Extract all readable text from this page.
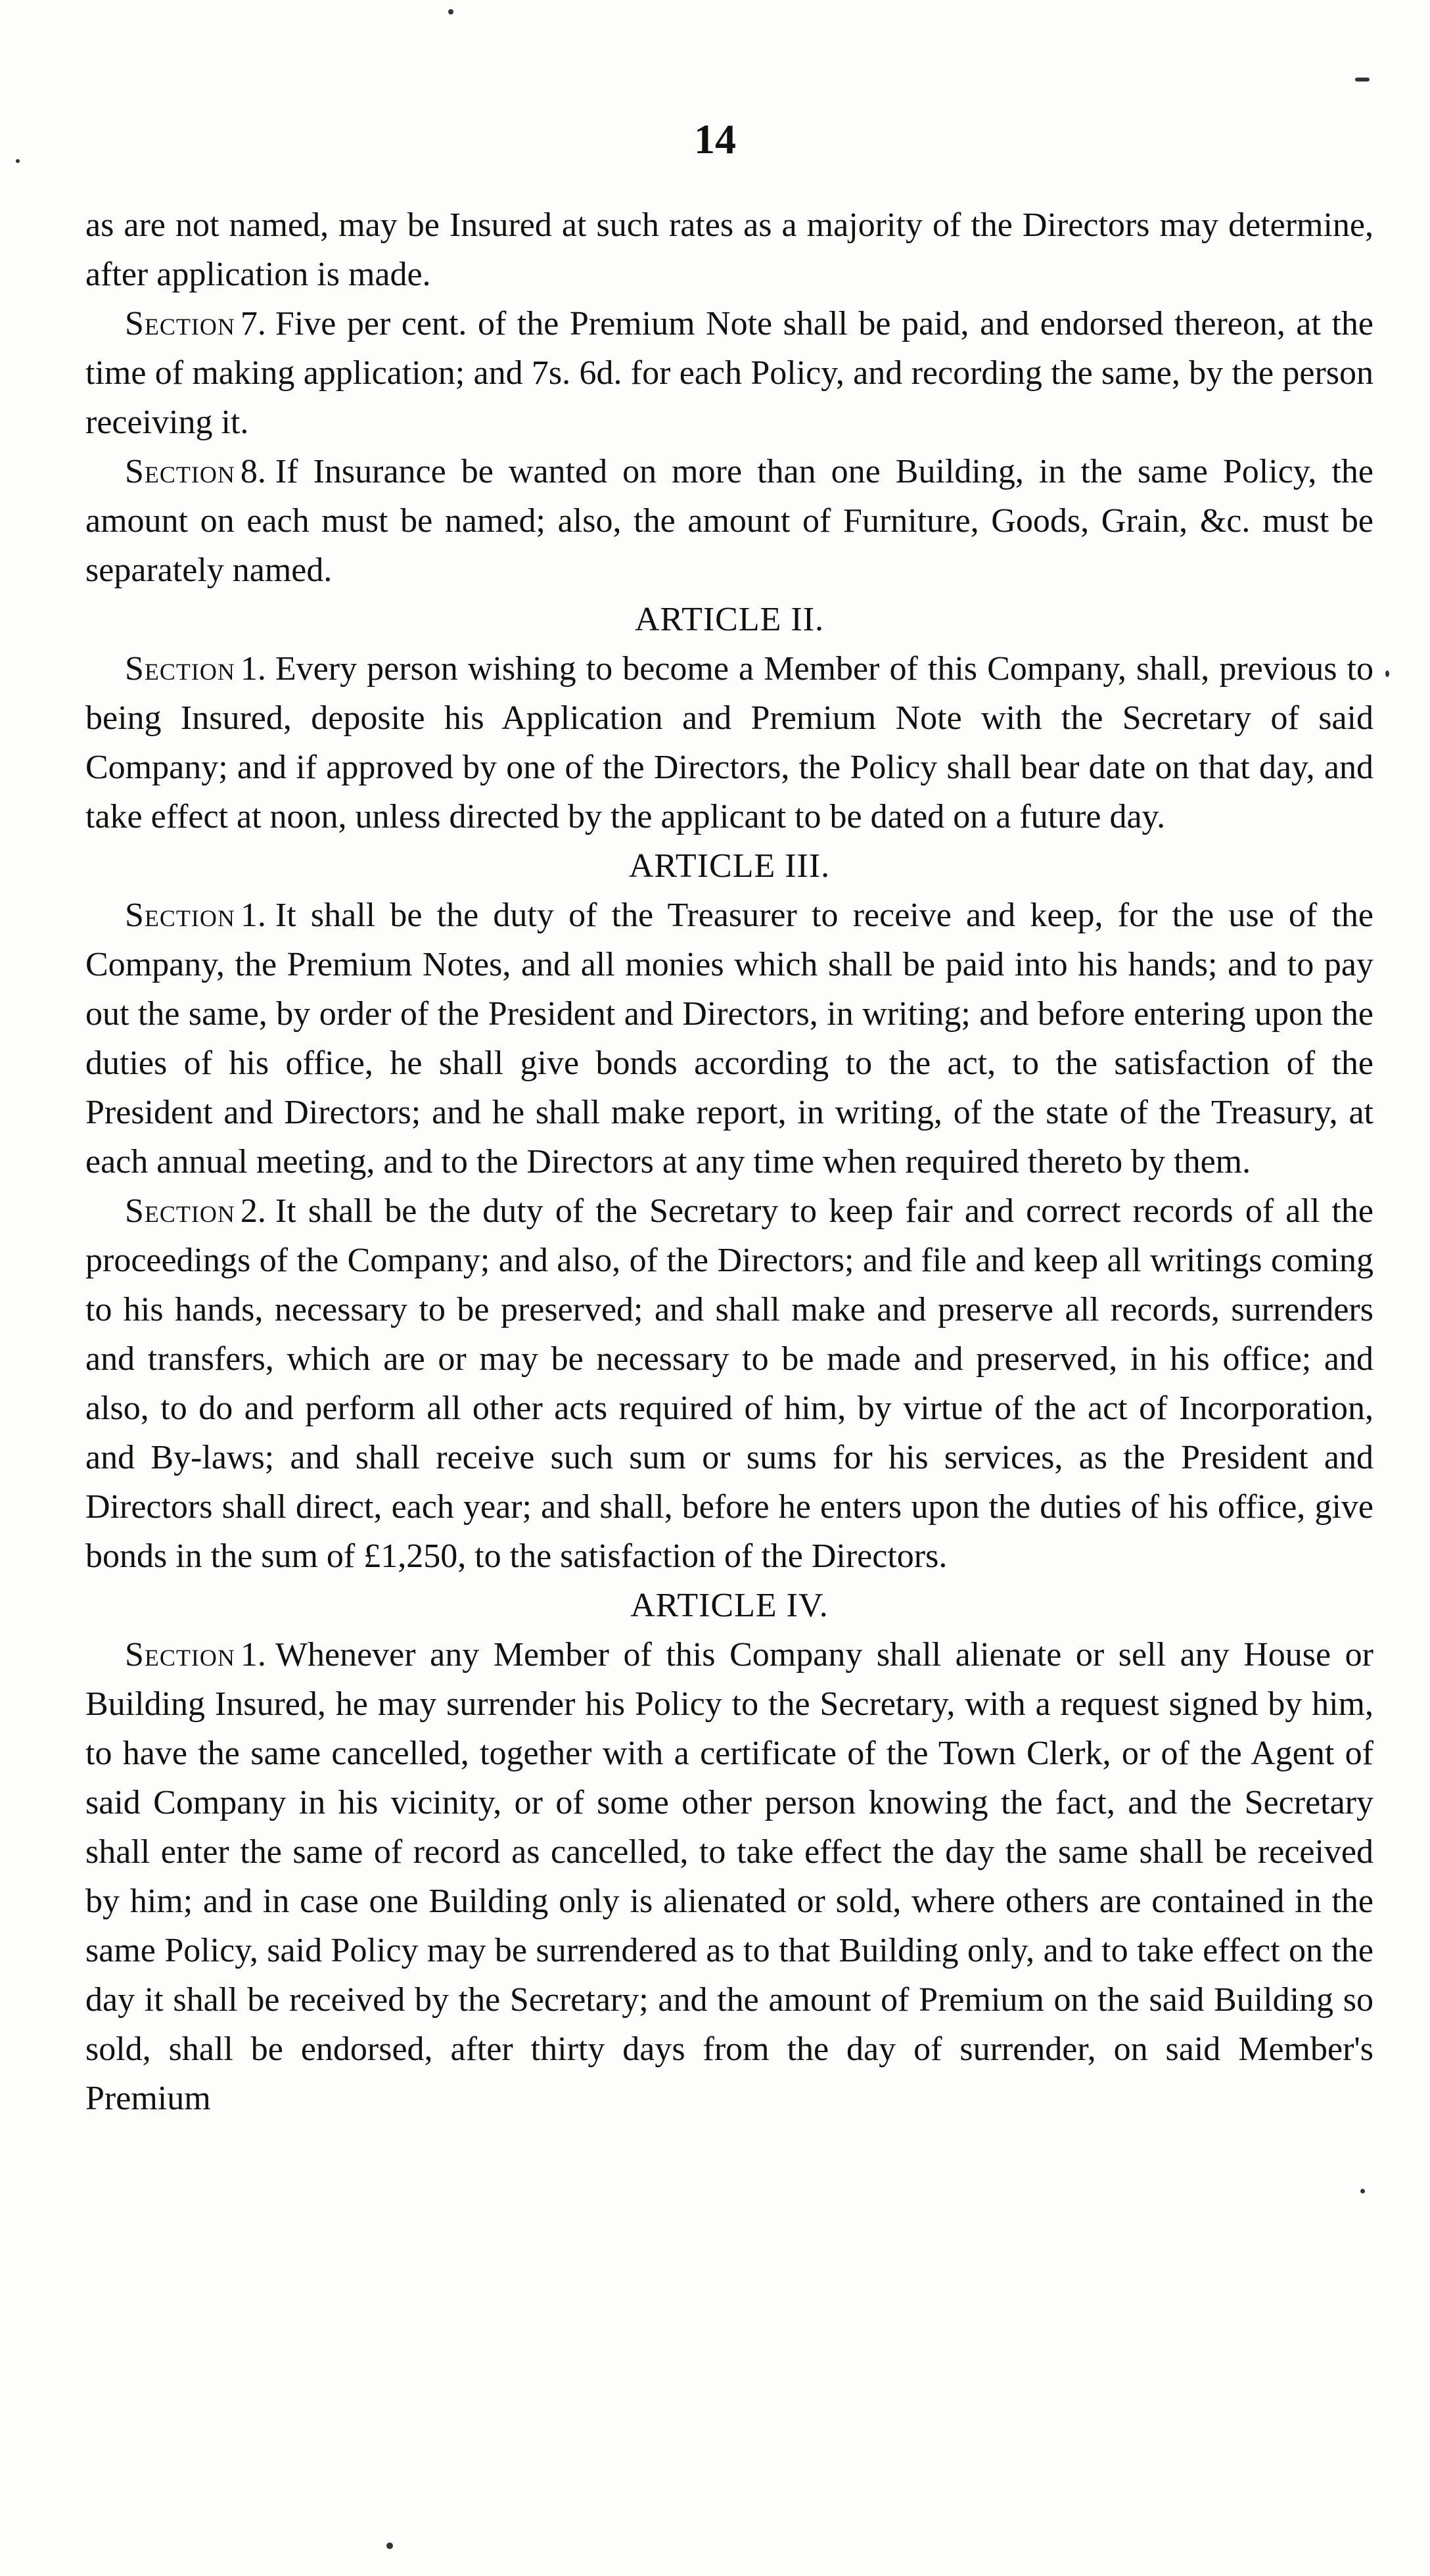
14

as are not named, may be Insured at such rates as a majority of the Directors may determine, after application is made.

Section 7. Five per cent. of the Premium Note shall be paid, and endorsed thereon, at the time of making application; and 7s. 6d. for each Policy, and recording the same, by the person receiving it.

Section 8. If Insurance be wanted on more than one Building, in the same Policy, the amount on each must be named; also, the amount of Furniture, Goods, Grain, &c. must be separately named.

ARTICLE II.

Section 1. Every person wishing to become a Member of this Company, shall, previous to being Insured, deposite his Application and Premium Note with the Secretary of said Company; and if approved by one of the Directors, the Policy shall bear date on that day, and take effect at noon, unless directed by the applicant to be dated on a future day.

ARTICLE III.

Section 1. It shall be the duty of the Treasurer to receive and keep, for the use of the Company, the Premium Notes, and all monies which shall be paid into his hands; and to pay out the same, by order of the President and Directors, in writing; and before entering upon the duties of his office, he shall give bonds according to the act, to the satisfaction of the President and Directors; and he shall make report, in writing, of the state of the Treasury, at each annual meeting, and to the Directors at any time when required thereto by them.

Section 2. It shall be the duty of the Secretary to keep fair and correct records of all the proceedings of the Company; and also, of the Directors; and file and keep all writings coming to his hands, necessary to be preserved; and shall make and preserve all records, surrenders and transfers, which are or may be necessary to be made and preserved, in his office; and also, to do and perform all other acts required of him, by virtue of the act of Incorporation, and By-laws; and shall receive such sum or sums for his services, as the President and Directors shall direct, each year; and shall, before he enters upon the duties of his office, give bonds in the sum of £1,250, to the satisfaction of the Directors.

ARTICLE IV.

Section 1. Whenever any Member of this Company shall alienate or sell any House or Building Insured, he may surrender his Policy to the Secretary, with a request signed by him, to have the same cancelled, together with a certificate of the Town Clerk, or of the Agent of said Company in his vicinity, or of some other person knowing the fact, and the Secretary shall enter the same of record as cancelled, to take effect the day the same shall be received by him; and in case one Building only is alienated or sold, where others are contained in the same Policy, said Policy may be surrendered as to that Building only, and to take effect on the day it shall be received by the Secretary; and the amount of Premium on the said Building so sold, shall be endorsed, after thirty days from the day of surrender, on said Member's Premium
